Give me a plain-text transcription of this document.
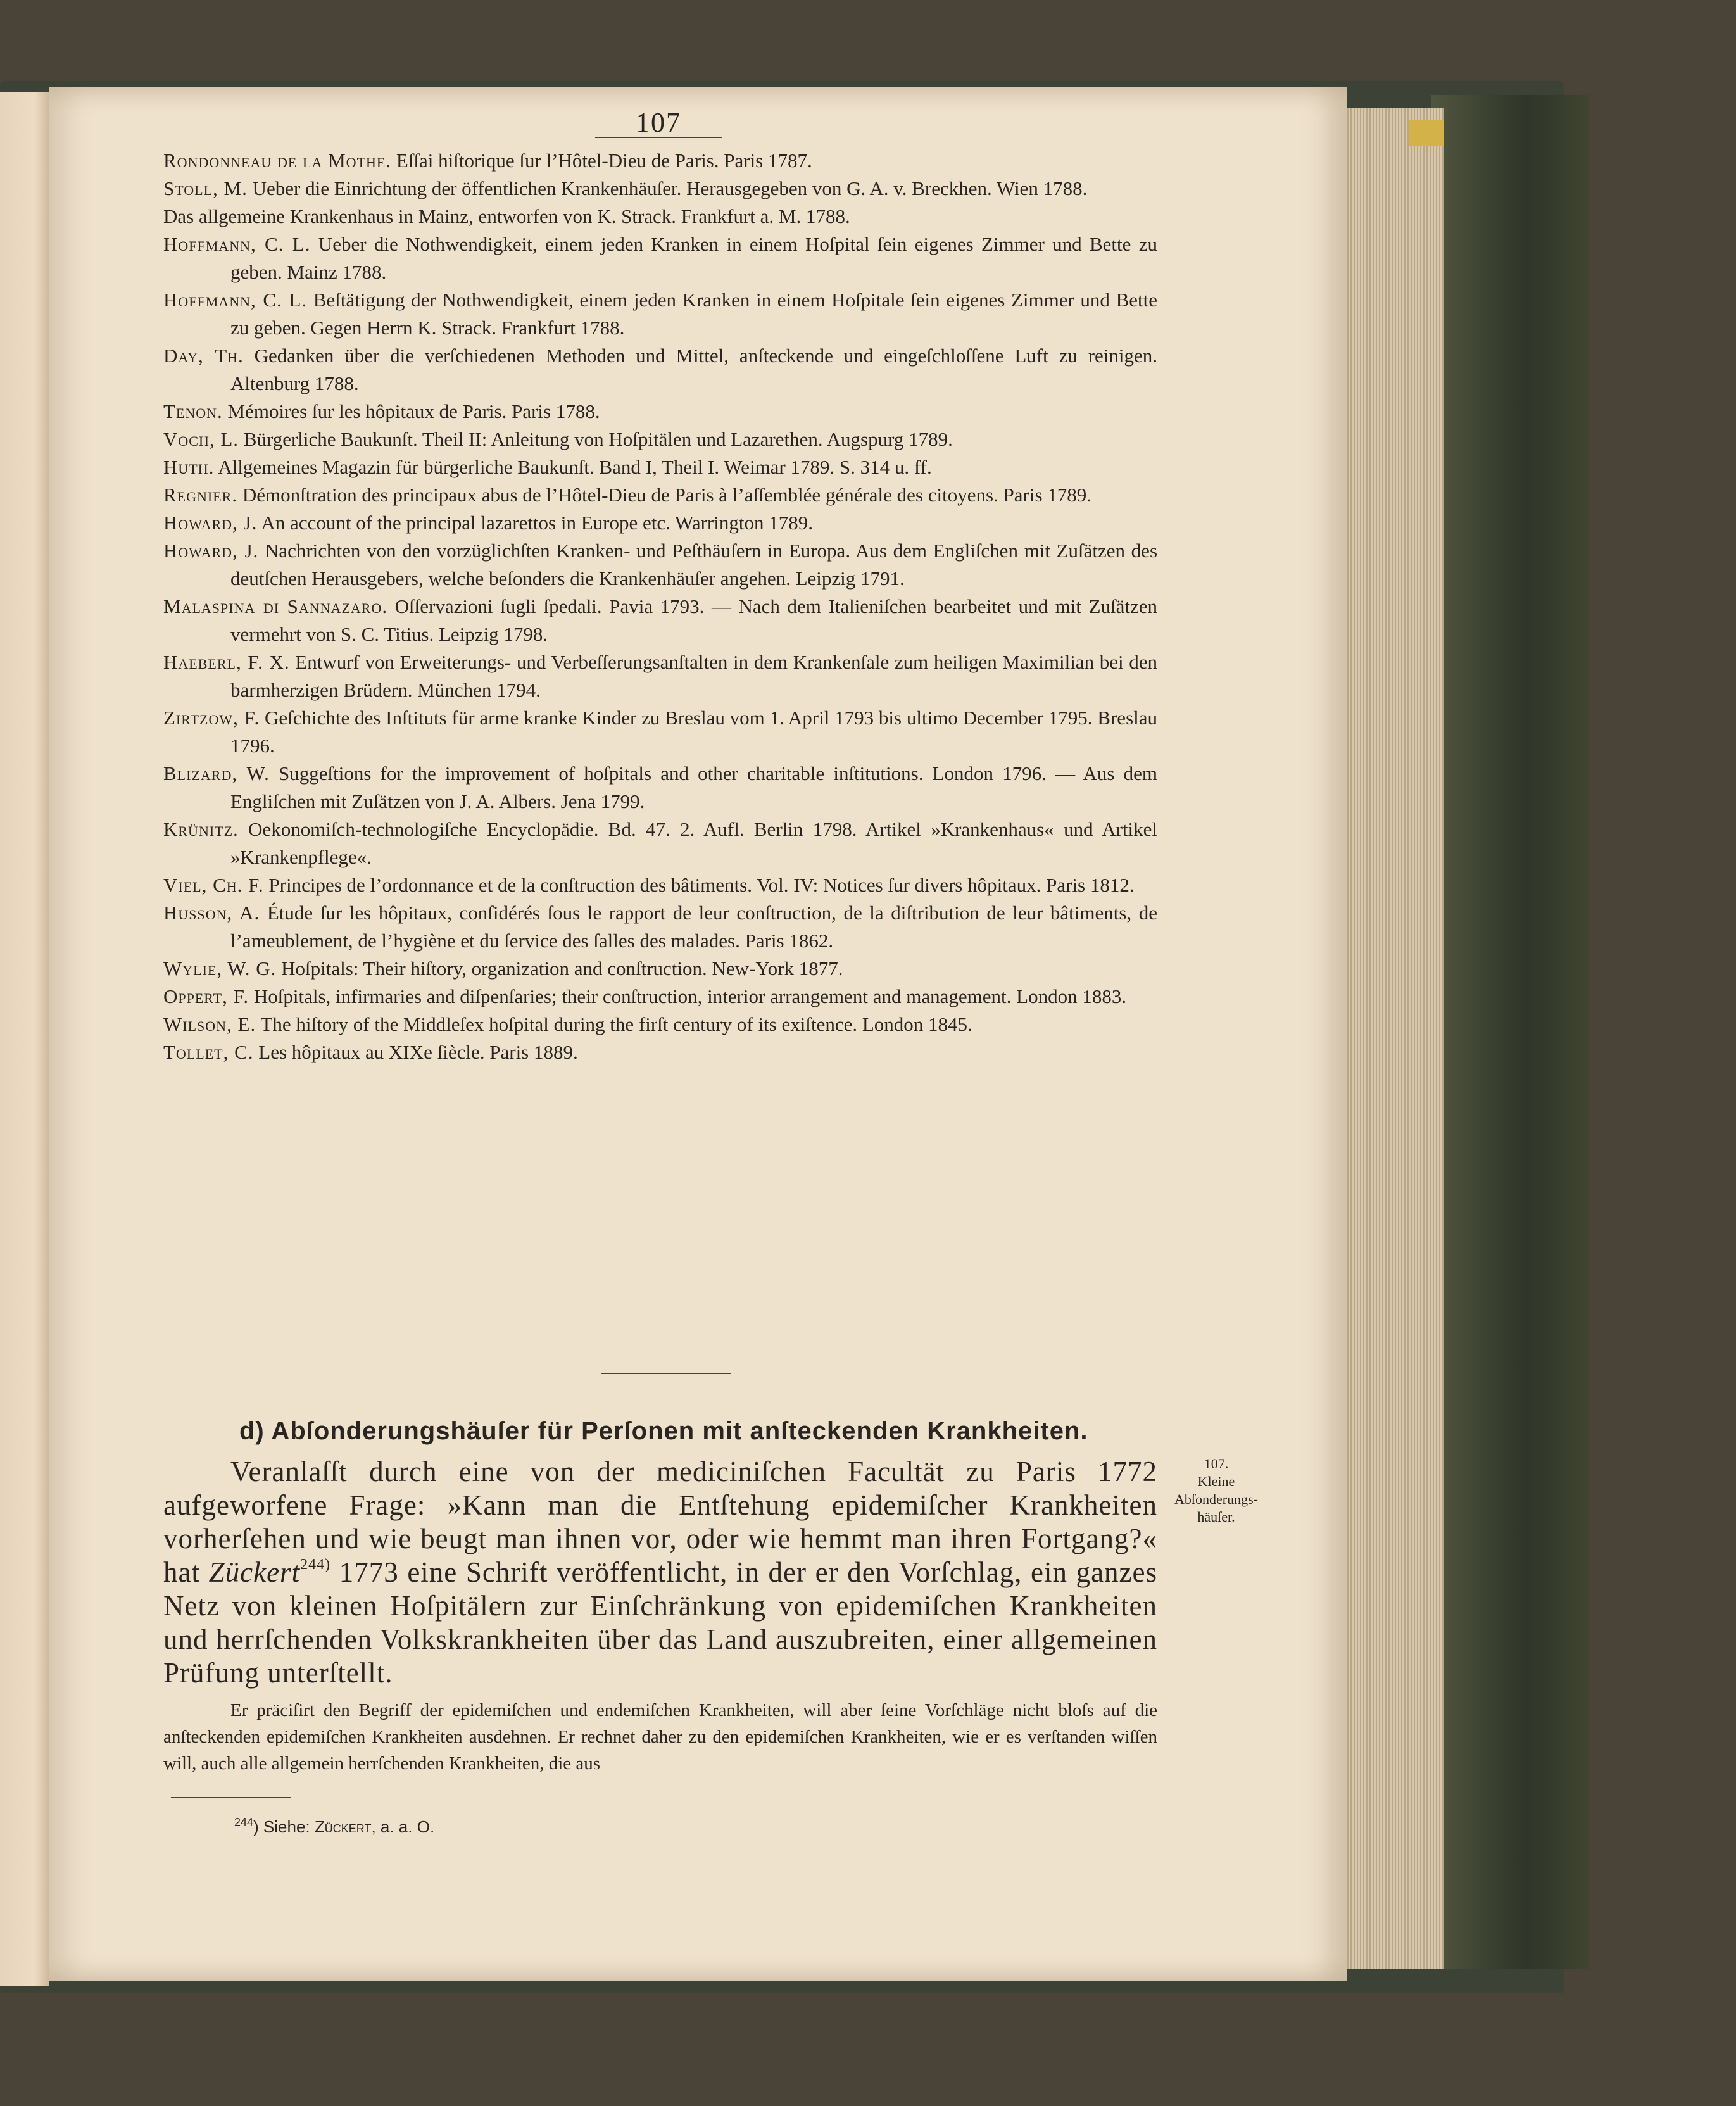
107
Rondonneau de la Mothe. Eſſai hiſtorique ſur l’Hôtel-Dieu de Paris. Paris 1787.
Stoll, M. Ueber die Einrichtung der öffentlichen Krankenhäuſer. Herausgegeben von G. A. v. Breckhen. Wien 1788.
Das allgemeine Krankenhaus in Mainz, entworfen von K. Strack. Frankfurt a. M. 1788.
Hoffmann, C. L. Ueber die Nothwendigkeit, einem jeden Kranken in einem Hoſpital ſein eigenes Zimmer und Bette zu geben. Mainz 1788.
Hoffmann, C. L. Beſtätigung der Nothwendigkeit, einem jeden Kranken in einem Hoſpitale ſein eigenes Zimmer und Bette zu geben. Gegen Herrn K. Strack. Frankfurt 1788.
Day, Th. Gedanken über die verſchiedenen Methoden und Mittel, anſteckende und eingeſchloſſene Luft zu reinigen. Altenburg 1788.
Tenon. Mémoires ſur les hôpitaux de Paris. Paris 1788.
Voch, L. Bürgerliche Baukunſt. Theil II: Anleitung von Hoſpitälen und Lazarethen. Augspurg 1789.
Huth. Allgemeines Magazin für bürgerliche Baukunſt. Band I, Theil I. Weimar 1789. S. 314 u. ff.
Regnier. Démonſtration des principaux abus de l’Hôtel-Dieu de Paris à l’aſſemblée générale des citoyens. Paris 1789.
Howard, J. An account of the principal lazarettos in Europe etc. Warrington 1789.
Howard, J. Nachrichten von den vorzüglichſten Kranken- und Peſthäuſern in Europa. Aus dem Engliſchen mit Zuſätzen des deutſchen Herausgebers, welche beſonders die Krankenhäuſer angehen. Leipzig 1791.
Malaspina di Sannazaro. Oſſervazioni ſugli ſpedali. Pavia 1793. — Nach dem Italieniſchen bearbeitet und mit Zuſätzen vermehrt von S. C. Titius. Leipzig 1798.
Haeberl, F. X. Entwurf von Erweiterungs- und Verbeſſerungsanſtalten in dem Krankenſale zum heiligen Maximilian bei den barmherzigen Brüdern. München 1794.
Zirtzow, F. Geſchichte des Inſtituts für arme kranke Kinder zu Breslau vom 1. April 1793 bis ultimo December 1795. Breslau 1796.
Blizard, W. Suggeſtions for the improvement of hoſpitals and other charitable inſtitutions. London 1796. — Aus dem Engliſchen mit Zuſätzen von J. A. Albers. Jena 1799.
Krünitz. Oekonomiſch-technologiſche Encyclopädie. Bd. 47. 2. Aufl. Berlin 1798. Artikel »Krankenhaus« und Artikel »Krankenpflege«.
Viel, Ch. F. Principes de l’ordonnance et de la conſtruction des bâtiments. Vol. IV: Notices ſur divers hôpitaux. Paris 1812.
Husson, A. Étude ſur les hôpitaux, conſidérés ſous le rapport de leur conſtruction, de la diſtribution de leur bâtiments, de l’ameublement, de l’hygiène et du ſervice des ſalles des malades. Paris 1862.
Wylie, W. G. Hoſpitals: Their hiſtory, organization and conſtruction. New-York 1877.
Oppert, F. Hoſpitals, infirmaries and diſpenſaries; their conſtruction, interior arrangement and management. London 1883.
Wilson, E. The hiſtory of the Middleſex hoſpital during the firſt century of its exiſtence. London 1845.
Tollet, C. Les hôpitaux au XIXe ſiècle. Paris 1889.
d) Abſonderungshäuſer für Perſonen mit anſteckenden Krankheiten.
107.
Kleine
Abſonderungs-
häuſer.

Veranlaſſt durch eine von der mediciniſchen Facultät zu Paris 1772 aufgeworfene Frage: »Kann man die Entſtehung epidemiſcher Krankheiten vorherſehen und wie beugt man ihnen vor, oder wie hemmt man ihren Fortgang?« hat Zückert$^{244)}$ 1773 eine Schrift veröffentlicht, in der er den Vorſchlag, ein ganzes Netz von kleinen Hoſpitälern zur Einſchränkung von epidemiſchen Krankheiten und herrſchenden Volkskrankheiten über das Land auszubreiten, einer allgemeinen Prüfung unterſtellt.

Er präciſirt den Begriff der epidemiſchen und endemiſchen Krankheiten, will aber ſeine Vorſchläge nicht bloſs auf die anſteckenden epidemiſchen Krankheiten ausdehnen. Er rechnet daher zu den epidemiſchen Krankheiten, wie er es verſtanden wiſſen will, auch alle allgemein herrſchenden Krankheiten, die aus

$^{244}$) Siehe: Zückert, a. a. O.
